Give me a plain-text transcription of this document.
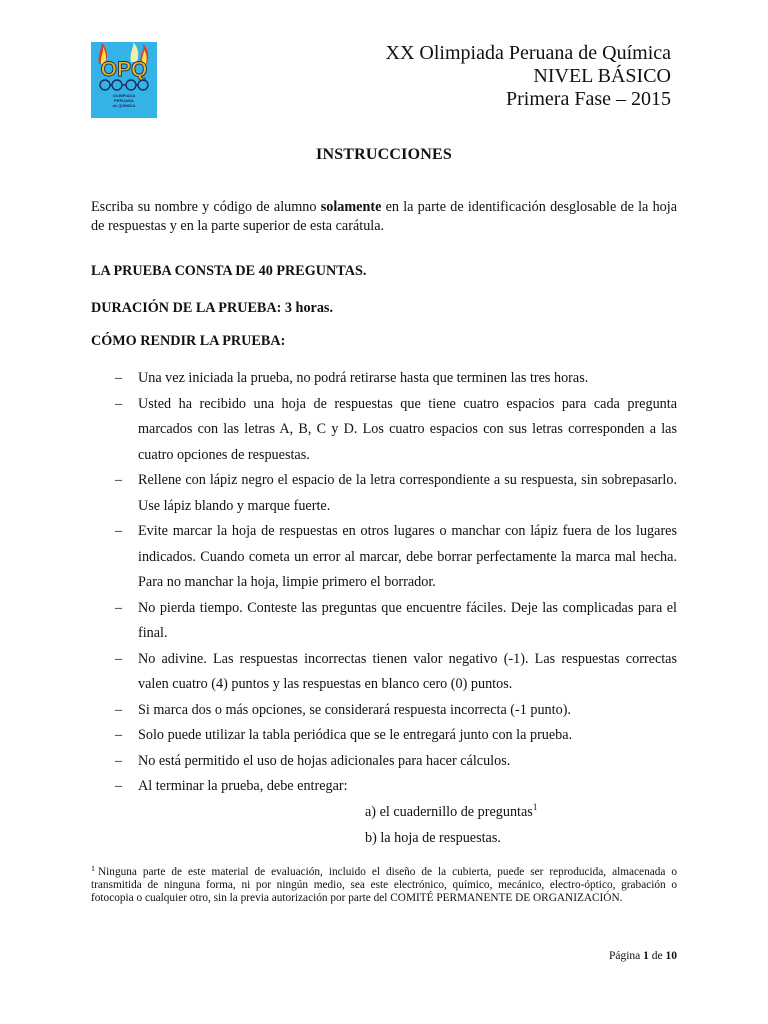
OPQ
OLIMPIADA
PERUANA
de QUÍMICA
XX Olimpiada Peruana de Química
NIVEL BÁSICO
Primera Fase – 2015
INSTRUCCIONES

Escriba su nombre y código de alumno solamente en la parte de identificación desglosable de la hoja de respuestas y en la parte superior de esta carátula.

LA PRUEBA CONSTA DE 40 PREGUNTAS.
DURACIÓN DE LA PRUEBA: 3 horas.
CÓMO RENDIR LA PRUEBA:
– Una vez iniciada la prueba, no podrá retirarse hasta que terminen las tres horas.
– Usted ha recibido una hoja de respuestas que tiene cuatro espacios para cada pregunta marcados con las letras A, B, C y D. Los cuatro espacios con sus letras corresponden a las cuatro opciones de respuestas.
– Rellene con lápiz negro el espacio de la letra correspondiente a su respuesta, sin sobrepasarlo. Use lápiz blando y marque fuerte.
– Evite marcar la hoja de respuestas en otros lugares o manchar con lápiz fuera de los lugares indicados. Cuando cometa un error al marcar, debe borrar perfectamente la marca mal hecha. Para no manchar la hoja, limpie primero el borrador.
– No pierda tiempo. Conteste las preguntas que encuentre fáciles. Deje las complicadas para el final.
– No adivine. Las respuestas incorrectas tienen valor negativo (-1). Las respuestas correctas valen cuatro (4) puntos y las respuestas en blanco cero (0) puntos.
– Si marca dos o más opciones, se considerará respuesta incorrecta (-1 punto).
– Solo puede utilizar la tabla periódica que se le entregará junto con la prueba.
– No está permitido el uso de hojas adicionales para hacer cálculos.
– Al terminar la prueba, debe entregar:
a) el cuadernillo de preguntas$^1$
b) la hoja de respuestas.

$^1$ Ninguna parte de este material de evaluación, incluido el diseño de la cubierta, puede ser reproducida, almacenada o transmitida de ninguna forma, ni por ningún medio, sea este electrónico, químico, mecánico, electro-óptico, grabación o fotocopia o cualquier otro, sin la previa autorización por parte del COMITÉ PERMANENTE DE ORGANIZACIÓN.

Página 1 de 10
